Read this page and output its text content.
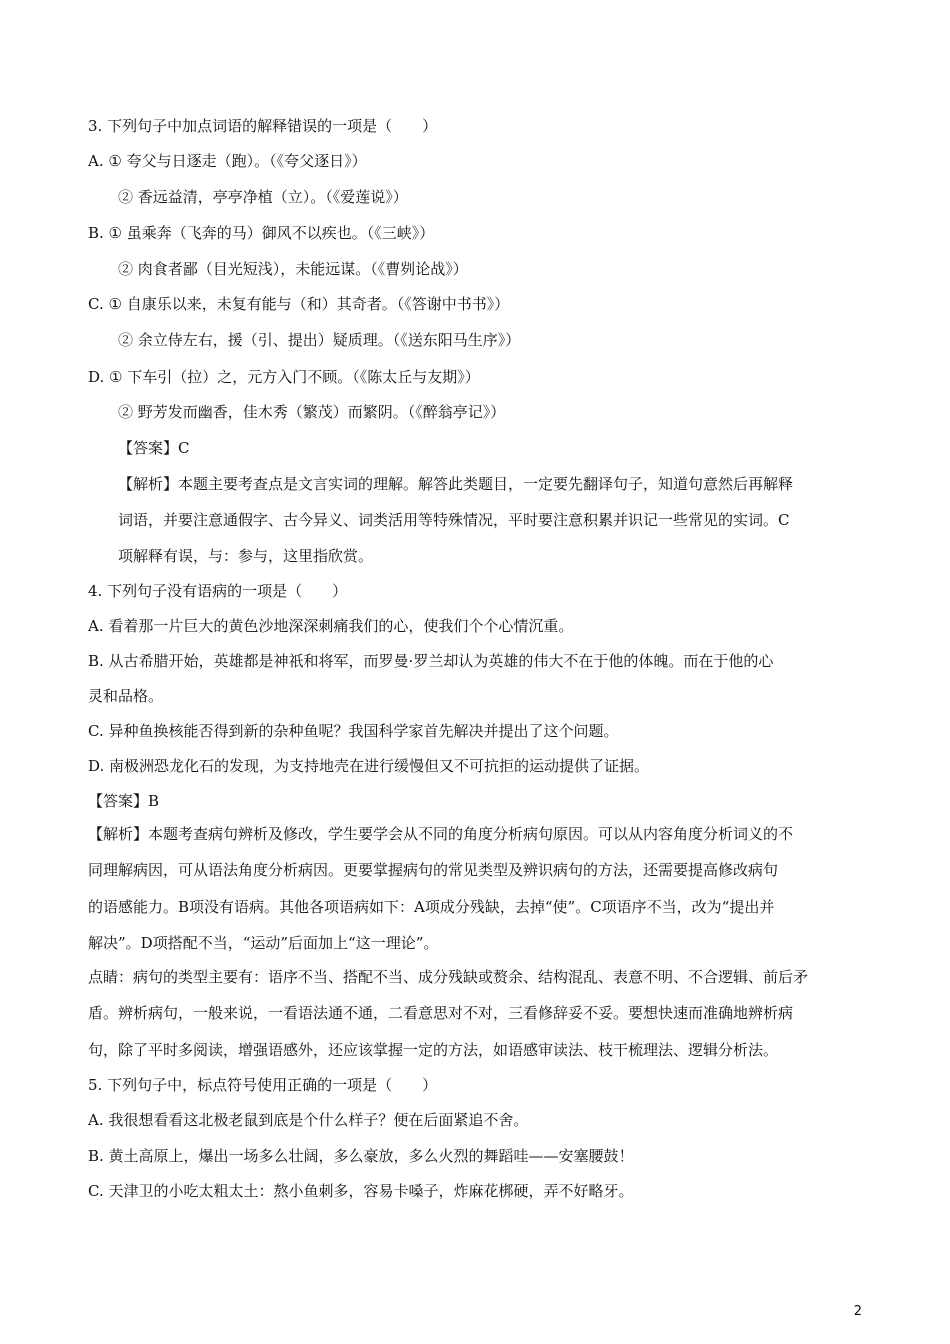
3. 下列句子中加点词语的解释错误的一项是（　　）
A. ① 夸父与日逐走（跑）。（《夸父逐日》）
② 香远益清，亭亭净植（立）。（《爱莲说》）
B. ① 虽乘奔（飞奔的马）御风不以疾也。（《三峡》）
② 肉食者鄙（目光短浅），未能远谋。（《曹刿论战》）
C. ① 自康乐以来，未复有能与（和）其奇者。（《答谢中书书》）
② 余立侍左右，援（引、提出）疑质理。（《送东阳马生序》）
D. ① 下车引（拉）之，元方入门不顾。（《陈太丘与友期》）
② 野芳发而幽香，佳木秀（繁茂）而繁阴。（《醉翁亭记》）
【答案】C
【解析】本题主要考查点是文言实词的理解。解答此类题目，一定要先翻译句子，知道句意然后再解释
词语，并要注意通假字、古今异义、词类活用等特殊情况，平时要注意积累并识记一些常见的实词。C
项解释有误，与：参与，这里指欣赏。
4. 下列句子没有语病的一项是（　　）
A. 看着那一片巨大的黄色沙地深深刺痛我们的心，使我们个个心情沉重。
B. 从古希腊开始，英雄都是神祇和将军，而罗曼·罗兰却认为英雄的伟大不在于他的体魄。而在于他的心
灵和品格。
C. 异种鱼换核能否得到新的杂种鱼呢？我国科学家首先解决并提出了这个问题。
D. 南极洲恐龙化石的发现，为支持地壳在进行缓慢但又不可抗拒的运动提供了证据。
【答案】B
【解析】本题考查病句辨析及修改，学生要学会从不同的角度分析病句原因。可以从内容角度分析词义的不
同理解病因，可从语法角度分析病因。更要掌握病句的常见类型及辨识病句的方法，还需要提高修改病句
的语感能力。B项没有语病。其他各项语病如下：A项成分残缺，去掉“使”。C项语序不当，改为“提出并
解决”。D项搭配不当，“运动”后面加上“这一理论”。
点睛：病句的类型主要有：语序不当、搭配不当、成分残缺或赘余、结构混乱、表意不明、不合逻辑、前后矛
盾。辨析病句，一般来说，一看语法通不通，二看意思对不对，三看修辞妥不妥。要想快速而准确地辨析病
句，除了平时多阅读，增强语感外，还应该掌握一定的方法，如语感审读法、枝干梳理法、逻辑分析法。
5. 下列句子中，标点符号使用正确的一项是（　　）
A. 我很想看看这北极老鼠到底是个什么样子？便在后面紧追不舍。
B. 黄土高原上，爆出一场多么壮阔，多么豪放，多么火烈的舞蹈哇——安塞腰鼓！
C. 天津卫的小吃太粗太土：熬小鱼刺多，容易卡嗓子，炸麻花梆硬，弄不好略牙。
2
